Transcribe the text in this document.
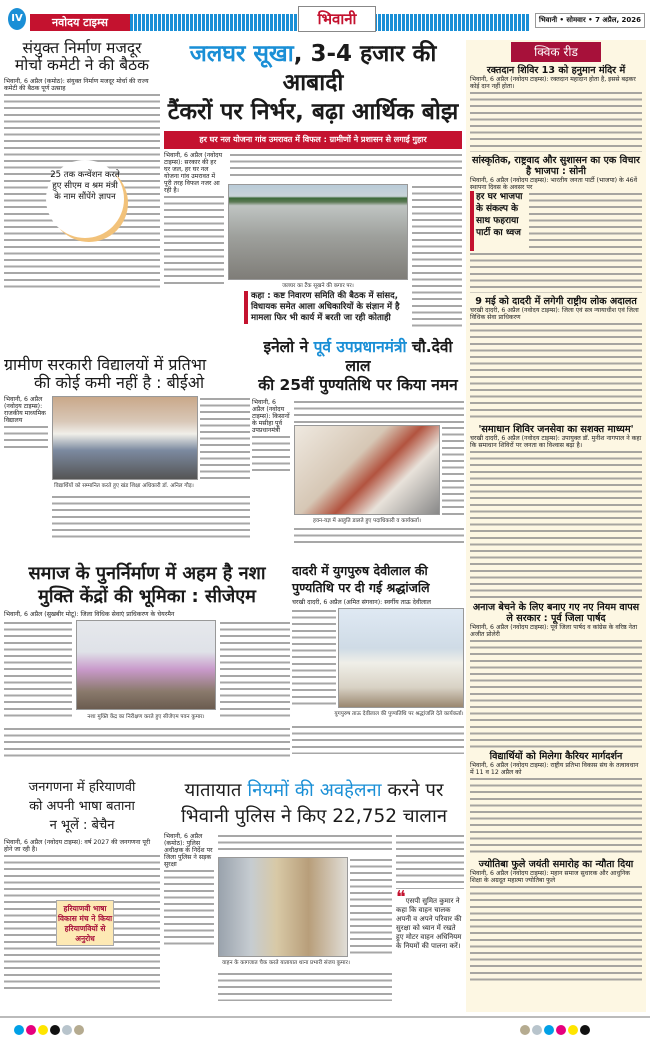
IV	नवोदय टाइम्स	भिवानी	भिवानी • सोमवार • 7 अप्रैल, 2026
संयुक्त निर्माण मजदूर
मोर्चा कमेटी ने की बैठक
भिवानी, 6 अप्रैल (कमोठ): संयुक्त निर्माण मजदूर मोर्चा की राज्य कमेटी की बैठक पूर्ण उत्साह
25 तक कन्वेंशन करते हुए सीएम व श्रम मंत्री के नाम सौंपेंगे ज्ञापन
जलघर सूखा, 3-4 हजार की आबादी
टैंकरों पर निर्भर, बढ़ा आर्थिक बोझ
हर घर नल योजना गांव उमरावत में विफल : ग्रामीणों ने प्रशासन से लगाई गुहार
भिवानी, 6 अप्रैल (नवोदय टाइम्स): सरकार की हर घर जल, हर घर नल योजना गांव उमरावत में पूरी तरह विफल नजर आ रही है।
जलघर का टैंक सूखने की कगार पर।
कहा : कष्ट निवारण समिति की बैठक में सांसद, विधायक समेत आला अधिकारियों के संज्ञान में है मामला फिर भी कार्य में बरती जा रही कोताही
क्विक रीड
रक्तदान शिविर 13 को हनुमान मंदिर में
भिवानी, 6 अप्रैल (नवोदय टाइम्स): रक्तदान महादान होता है, इससे बढ़कर कोई दान नहीं होता।
सांस्कृतिक, राष्ट्रवाद और सुशासन का एक विचार है भाजपा : सोनी
भिवानी, 6 अप्रैल (नवोदय टाइम्स): भारतीय जनता पार्टी (भाजपा) के 46वें स्थापना दिवस के अवसर पर
हर घर भाजपा के संकल्प के साथ फहराया पार्टी का ध्वज
9 मई को दादरी में लगेगी राष्ट्रीय लोक अदालत
चरखी दादरी, 6 अप्रैल (नवोदय टाइम्स): जिला एवं सत्र न्यायाधीश एवं जिला विधिक सेवा प्राधिकरण
'समाधान शिविर जनसेवा का सशक्त माध्यम'
चरखी दादरी, 6 अप्रैल (नवोदय टाइम्स): उपायुक्त डॉ. मुनीश नागपाल ने कहा कि समाधान शिविरों पर जनता का विश्वास बढ़ा है।
अनाज बेचने के लिए बनाए गए नए नियम वापस ले सरकार : पूर्व जिला पार्षद
भिवानी, 6 अप्रैल (नवोदय टाइम्स): पूर्व जिला पार्षद व कांग्रेस के वरिष्ठ नेता अजीत प्रोलेरी
विद्यार्थियों को मिलेगा कैरियर मार्गदर्शन
भिवानी, 6 अप्रैल (नवोदय टाइम्स): राष्ट्रीय प्रतिभा विकास संघ के तत्वावधान में 11 व 12 अप्रैल को
ज्योतिबा फुले जयंती समारोह का न्यौता दिया
भिवानी, 6 अप्रैल (नवोदय टाइम्स): महान समाज सुधारक और आधुनिक शिक्षा के अग्रदूत महात्मा ज्योतिबा फुले
ग्रामीण सरकारी विद्यालयों में प्रतिभा
की कोई कमी नहीं है : बीईओ
भिवानी, 6 अप्रैल (नवोदय टाइम्स): राजकीय माध्यमिक विद्यालय
विद्यार्थियों को सम्मानित करते हुए खंड शिक्षा अधिकारी डॉ. अनिल गौड़।
इनेलो ने पूर्व उपप्रधानमंत्री चौ.देवी लाल
की 25वीं पुण्यतिथि पर किया नमन
भिवानी, 6 अप्रैल (नवोदय टाइम्स): किसानों के मसीहा पूर्व उपप्रधानमंत्री
हवन-यज्ञ में आहुति डालते हुए पदाधिकारी व कार्यकर्ता।
समाज के पुनर्निर्माण में अहम है नशा
मुक्ति केंद्रों की भूमिका : सीजेएम
भिवानी, 6 अप्रैल (सुखबीर मोटू): जिला विधिक सेवाएं प्राधिकरण के चेयरमैन
नशा मुक्ति केंद्र का निरीक्षण करते हुए सीजेएम पवन कुमार।
दादरी में युगपुरुष देवीलाल की
पुण्यतिथि पर दी गई श्रद्धांजलि
चरखी दादरी, 6 अप्रैल (अमित संगवान): स्वर्गीय ताऊ देवीलाल
युगपुरुष ताऊ देवीलाल की पुण्यतिथि पर श्रद्धांजलि देते कार्यकर्ता।
जनगणना में हरियाणवी
को अपनी भाषा बताना
न भूलें : बेचैन
भिवानी, 6 अप्रैल (नवोदय टाइम्स): वर्ष 2027 की जनगणना पूरी होने जा रही है।
हरियाणवी भाषा विकास मंच ने किया हरियाणवियों से अनुरोध
यातायात नियमों की अवहेलना करने पर
भिवानी पुलिस ने किए 22,752 चालान
भिवानी, 6 अप्रैल (कमोठ): पुलिस अधीक्षक के निर्देश पर जिला पुलिस ने सड़क सुरक्षा
वाहन के कागजात चैक करते यातायात थाना प्रभारी संजय कुमार।
❝एसपी सुमित कुमार ने कहा कि वाहन चालक अपनी व अपने परिवार की सुरक्षा को ध्यान में रखते हुए मोटर वाहन अधिनियम के नियमों की पालना करें।
